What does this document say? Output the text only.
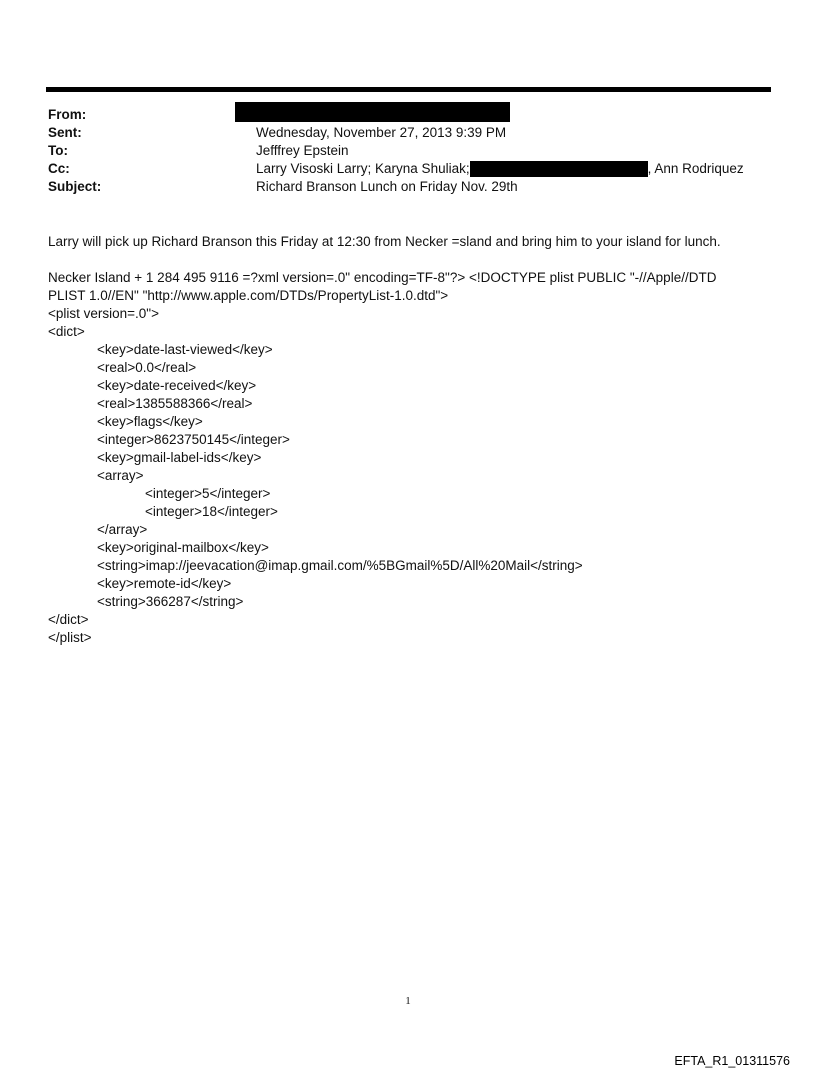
From:
Sent:	Wednesday, November 27, 2013 9:39 PM
To:	Jefffrey Epstein
Cc:	Larry Visoski Larry; Karyna Shuliak;	, Ann Rodriquez
Subject:	Richard Branson Lunch on Friday Nov. 29th

Larry will pick up Richard Branson this Friday at 12:30 from Necker =sland and bring him to your island for lunch.

Necker Island + 1 284 495 9116 =?xml version=.0" encoding=TF-8"?> <!DOCTYPE plist PUBLIC "-//Apple//DTD PLIST 1.0//EN" "http://www.apple.com/DTDs/PropertyList-1.0.dtd">

<plist version=.0">
<dict>
<key>date-last-viewed</key>
<real>0.0</real>
<key>date-received</key>
<real>1385588366</real>
<key>flags</key>
<integer>8623750145</integer>
<key>gmail-label-ids</key>
<array>
<integer>5</integer>
<integer>18</integer>
</array>
<key>original-mailbox</key>
<string>imap://jeevacation@imap.gmail.com/%5BGmail%5D/All%20Mail</string>
<key>remote-id</key>
<string>366287</string>
</dict>
</plist>
1
EFTA_R1_01311576
